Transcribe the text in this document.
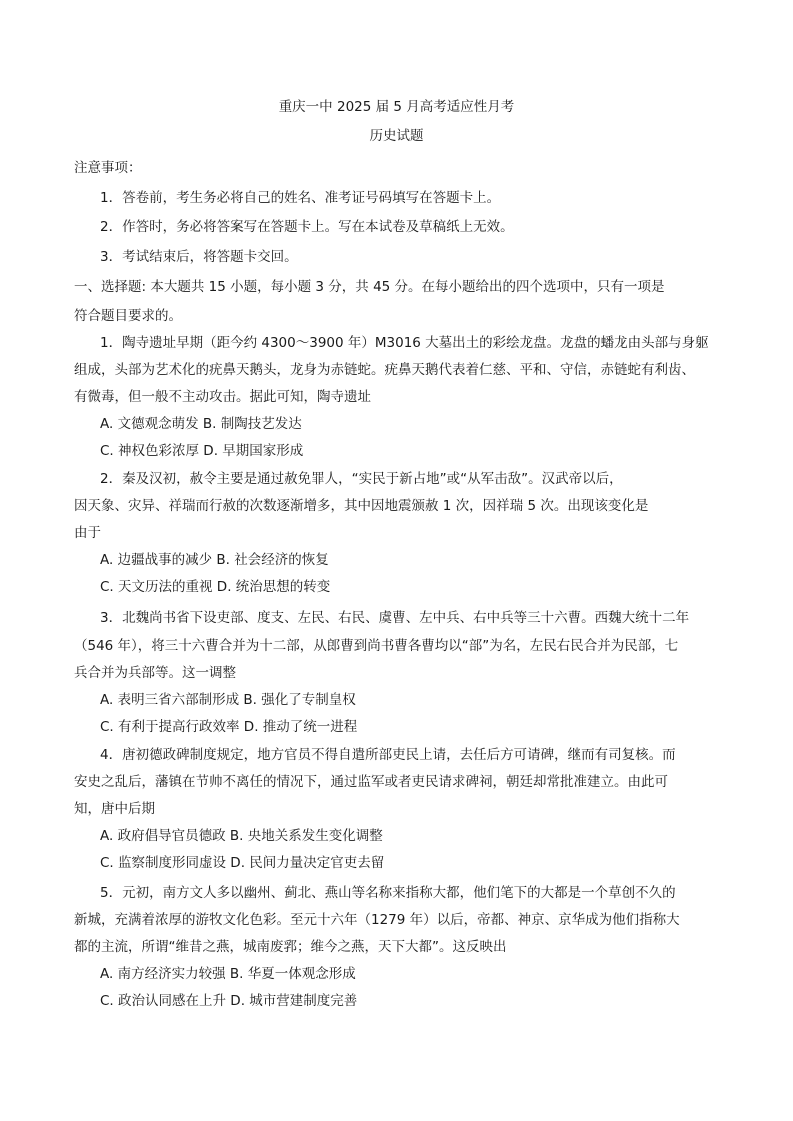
重庆一中 2025 届 5 月高考适应性月考
历史试题
注意事项：
1．答卷前，考生务必将自己的姓名、准考证号码填写在答题卡上。
2．作答时，务必将答案写在答题卡上。写在本试卷及草稿纸上无效。
3．考试结束后，将答题卡交回。
一、选择题: 本大题共 15 小题，每小题 3 分，共 45 分。在每小题给出的四个选项中，只有一项是
符合题目要求的。
1．陶寺遗址早期（距今约 4300～3900 年）M3016 大墓出土的彩绘龙盘。龙盘的蟠龙由头部与身躯
组成，头部为艺术化的疣鼻天鹅头，龙身为赤链蛇。疣鼻天鹅代表着仁慈、平和、守信，赤链蛇有利齿、
有微毒，但一般不主动攻击。据此可知，陶寺遗址
A. 文德观念萌发 B. 制陶技艺发达
C. 神权色彩浓厚 D. 早期国家形成
2．秦及汉初，赦令主要是通过赦免罪人，“实民于新占地”或“从军击敌”。汉武帝以后，
因天象、灾异、祥瑞而行赦的次数逐渐增多，其中因地震颁赦 1 次，因祥瑞 5 次。出现该变化是
由于
A. 边疆战事的减少 B. 社会经济的恢复
C. 天文历法的重视 D. 统治思想的转变
3．北魏尚书省下设吏部、度支、左民、右民、虞曹、左中兵、右中兵等三十六曹。西魏大统十二年
（546 年），将三十六曹合并为十二部，从郎曹到尚书曹各曹均以“部”为名，左民右民合并为民部，七
兵合并为兵部等。这一调整
A. 表明三省六部制形成 B. 强化了专制皇权
C. 有利于提高行政效率 D. 推动了统一进程
4．唐初德政碑制度规定，地方官员不得自遣所部吏民上请，去任后方可请碑，继而有司复核。而
安史之乱后，藩镇在节帅不离任的情况下，通过监军或者吏民请求碑祠，朝廷却常批准建立。由此可
知，唐中后期
A. 政府倡导官员德政 B. 央地关系发生变化调整
C. 监察制度形同虚设 D. 民间力量决定官吏去留
5．元初，南方文人多以幽州、蓟北、燕山等名称来指称大都，他们笔下的大都是一个草创不久的
新城，充满着浓厚的游牧文化色彩。至元十六年（1279 年）以后，帝都、神京、京华成为他们指称大
都的主流，所谓“维昔之燕，城南废郛；维今之燕，天下大都”。这反映出
A. 南方经济实力较强 B. 华夏一体观念形成
C. 政治认同感在上升 D. 城市营建制度完善
